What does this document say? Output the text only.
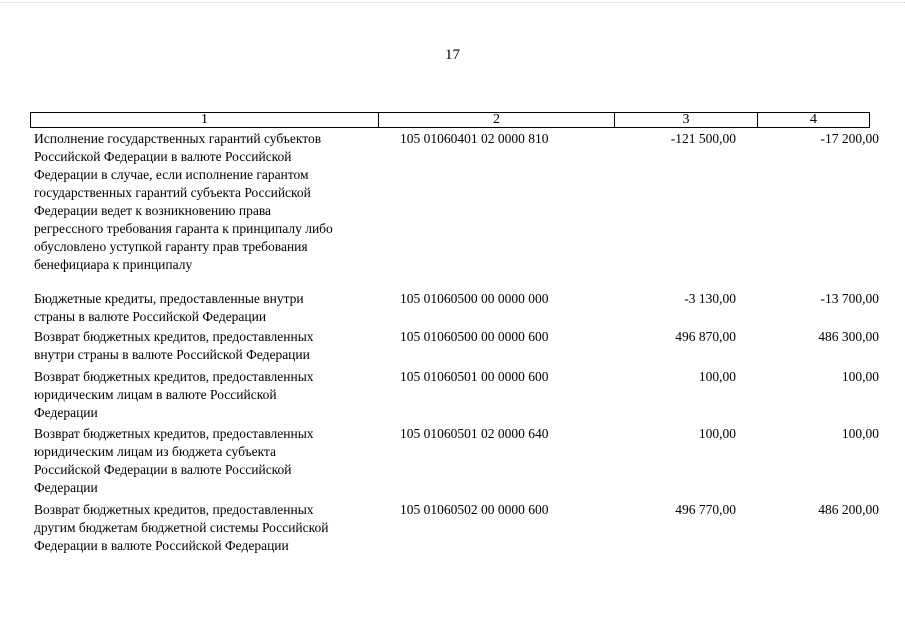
17
1	2	3	4
Исполнение государственных гарантий субъектов
Российской Федерации в валюте Российской
Федерации в случае, если исполнение гарантом
государственных гарантий субъекта Российской
Федерации ведет к возникновению права
регрессного требования гаранта к принципалу либо
обусловлено уступкой гаранту прав требования
бенефициара к принципалу
105 01060401 02 0000 810	-121 500,00	-17 200,00
Бюджетные кредиты, предоставленные внутри
страны в валюте Российской Федерации
105 01060500 00 0000 000	-3 130,00	-13 700,00
Возврат бюджетных кредитов, предоставленных
внутри страны в валюте Российской Федерации
105 01060500 00 0000 600	496 870,00	486 300,00
Возврат бюджетных кредитов, предоставленных
юридическим лицам в валюте Российской
Федерации
105 01060501 00 0000 600	100,00	100,00
Возврат бюджетных кредитов, предоставленных
юридическим лицам из бюджета субъекта
Российской Федерации в валюте Российской
Федерации
105 01060501 02 0000 640	100,00	100,00
Возврат бюджетных кредитов, предоставленных
другим бюджетам бюджетной системы Российской
Федерации в валюте Российской Федерации
105 01060502 00 0000 600	496 770,00	486 200,00
